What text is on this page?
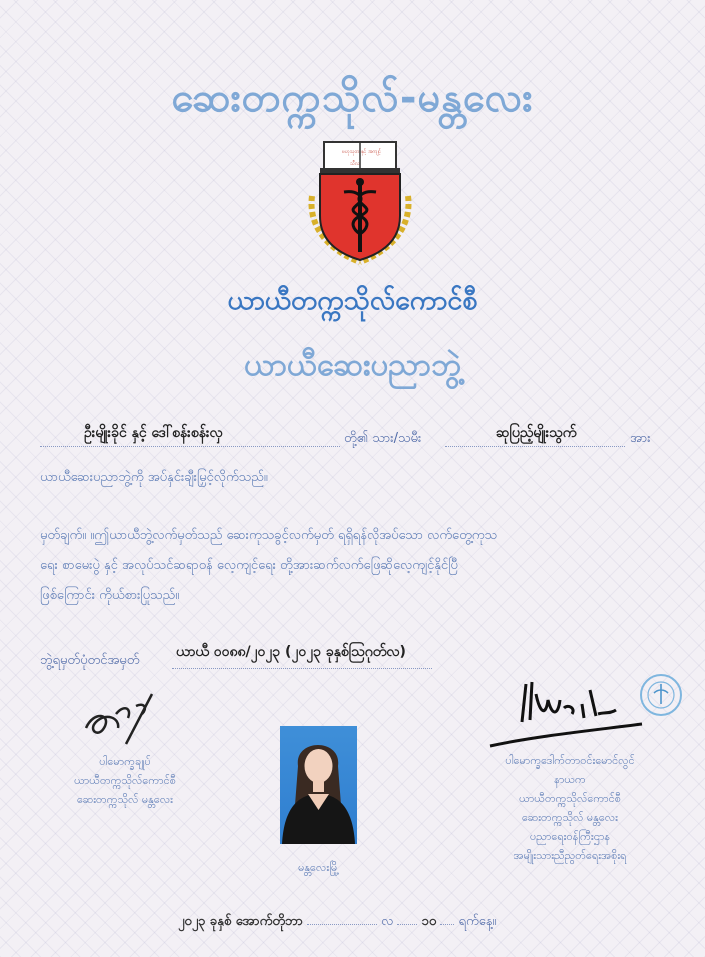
ဆေးတက္ကသိုလ်-မန္တလေး
ဗဟုသုတ နှင့် အကျင့်
သီလ
ယာယီတက္ကသိုလ်ကောင်စီ
ယာယီဆေးပညာဘွဲ့
ဦးမျိုးခိုင် နှင့် ဒေါ်စန်းစန်းလှ	တို့၏ သား/သမီး	ဆုပြည့်မျိုးသွက်	အား
ယာယီဆေးပညာဘွဲ့ကို အပ်နှင်းချီးမြှင့်လိုက်သည်။
မှတ်ချက်။ ။ဤယာယီဘွဲ့လက်မှတ်သည် ဆေးကုသခွင့်လက်မှတ် ရရှိရန်လိုအပ်သော လက်တွေ့ကုသ
ရေး စာမေးပွဲ နှင့် အလုပ်သင်ဆရာဝန် လေ့ကျင့်ရေး တို့အားဆက်လက်ဖြေဆိုလေ့ကျင့်နိုင်ပြီ
ဖြစ်ကြောင်း ကိုယ်စားပြုသည်။
ဘွဲ့ရမှတ်ပုံတင်အမှတ်
ယာယီ ၀၀၈၈/၂၀၂၃ (၂၀၂၃ ခုနှစ်ဩဂုတ်လ)
ပါမောက္ခချုပ်
ယာယီတက္ကသိုလ်ကောင်စီ
ဆေးတက္ကသိုလ် မန္တလေး
မန္တလေးမြို့
ပါမောက္ခဒေါက်တာဝင်းမောင်လွင်
နာယက
ယာယီတက္ကသိုလ်ကောင်စီ
ဆေးတက္ကသိုလ် မန္တလေး
ပညာရေးဝန်ကြီးဌာန
အမျိုးသားညီညွတ်ရေးအစိုးရ
၂၀၂၃ ခုနှစ် အောက်တိုဘာ	လ ၁၀ ရက်နေ့။
